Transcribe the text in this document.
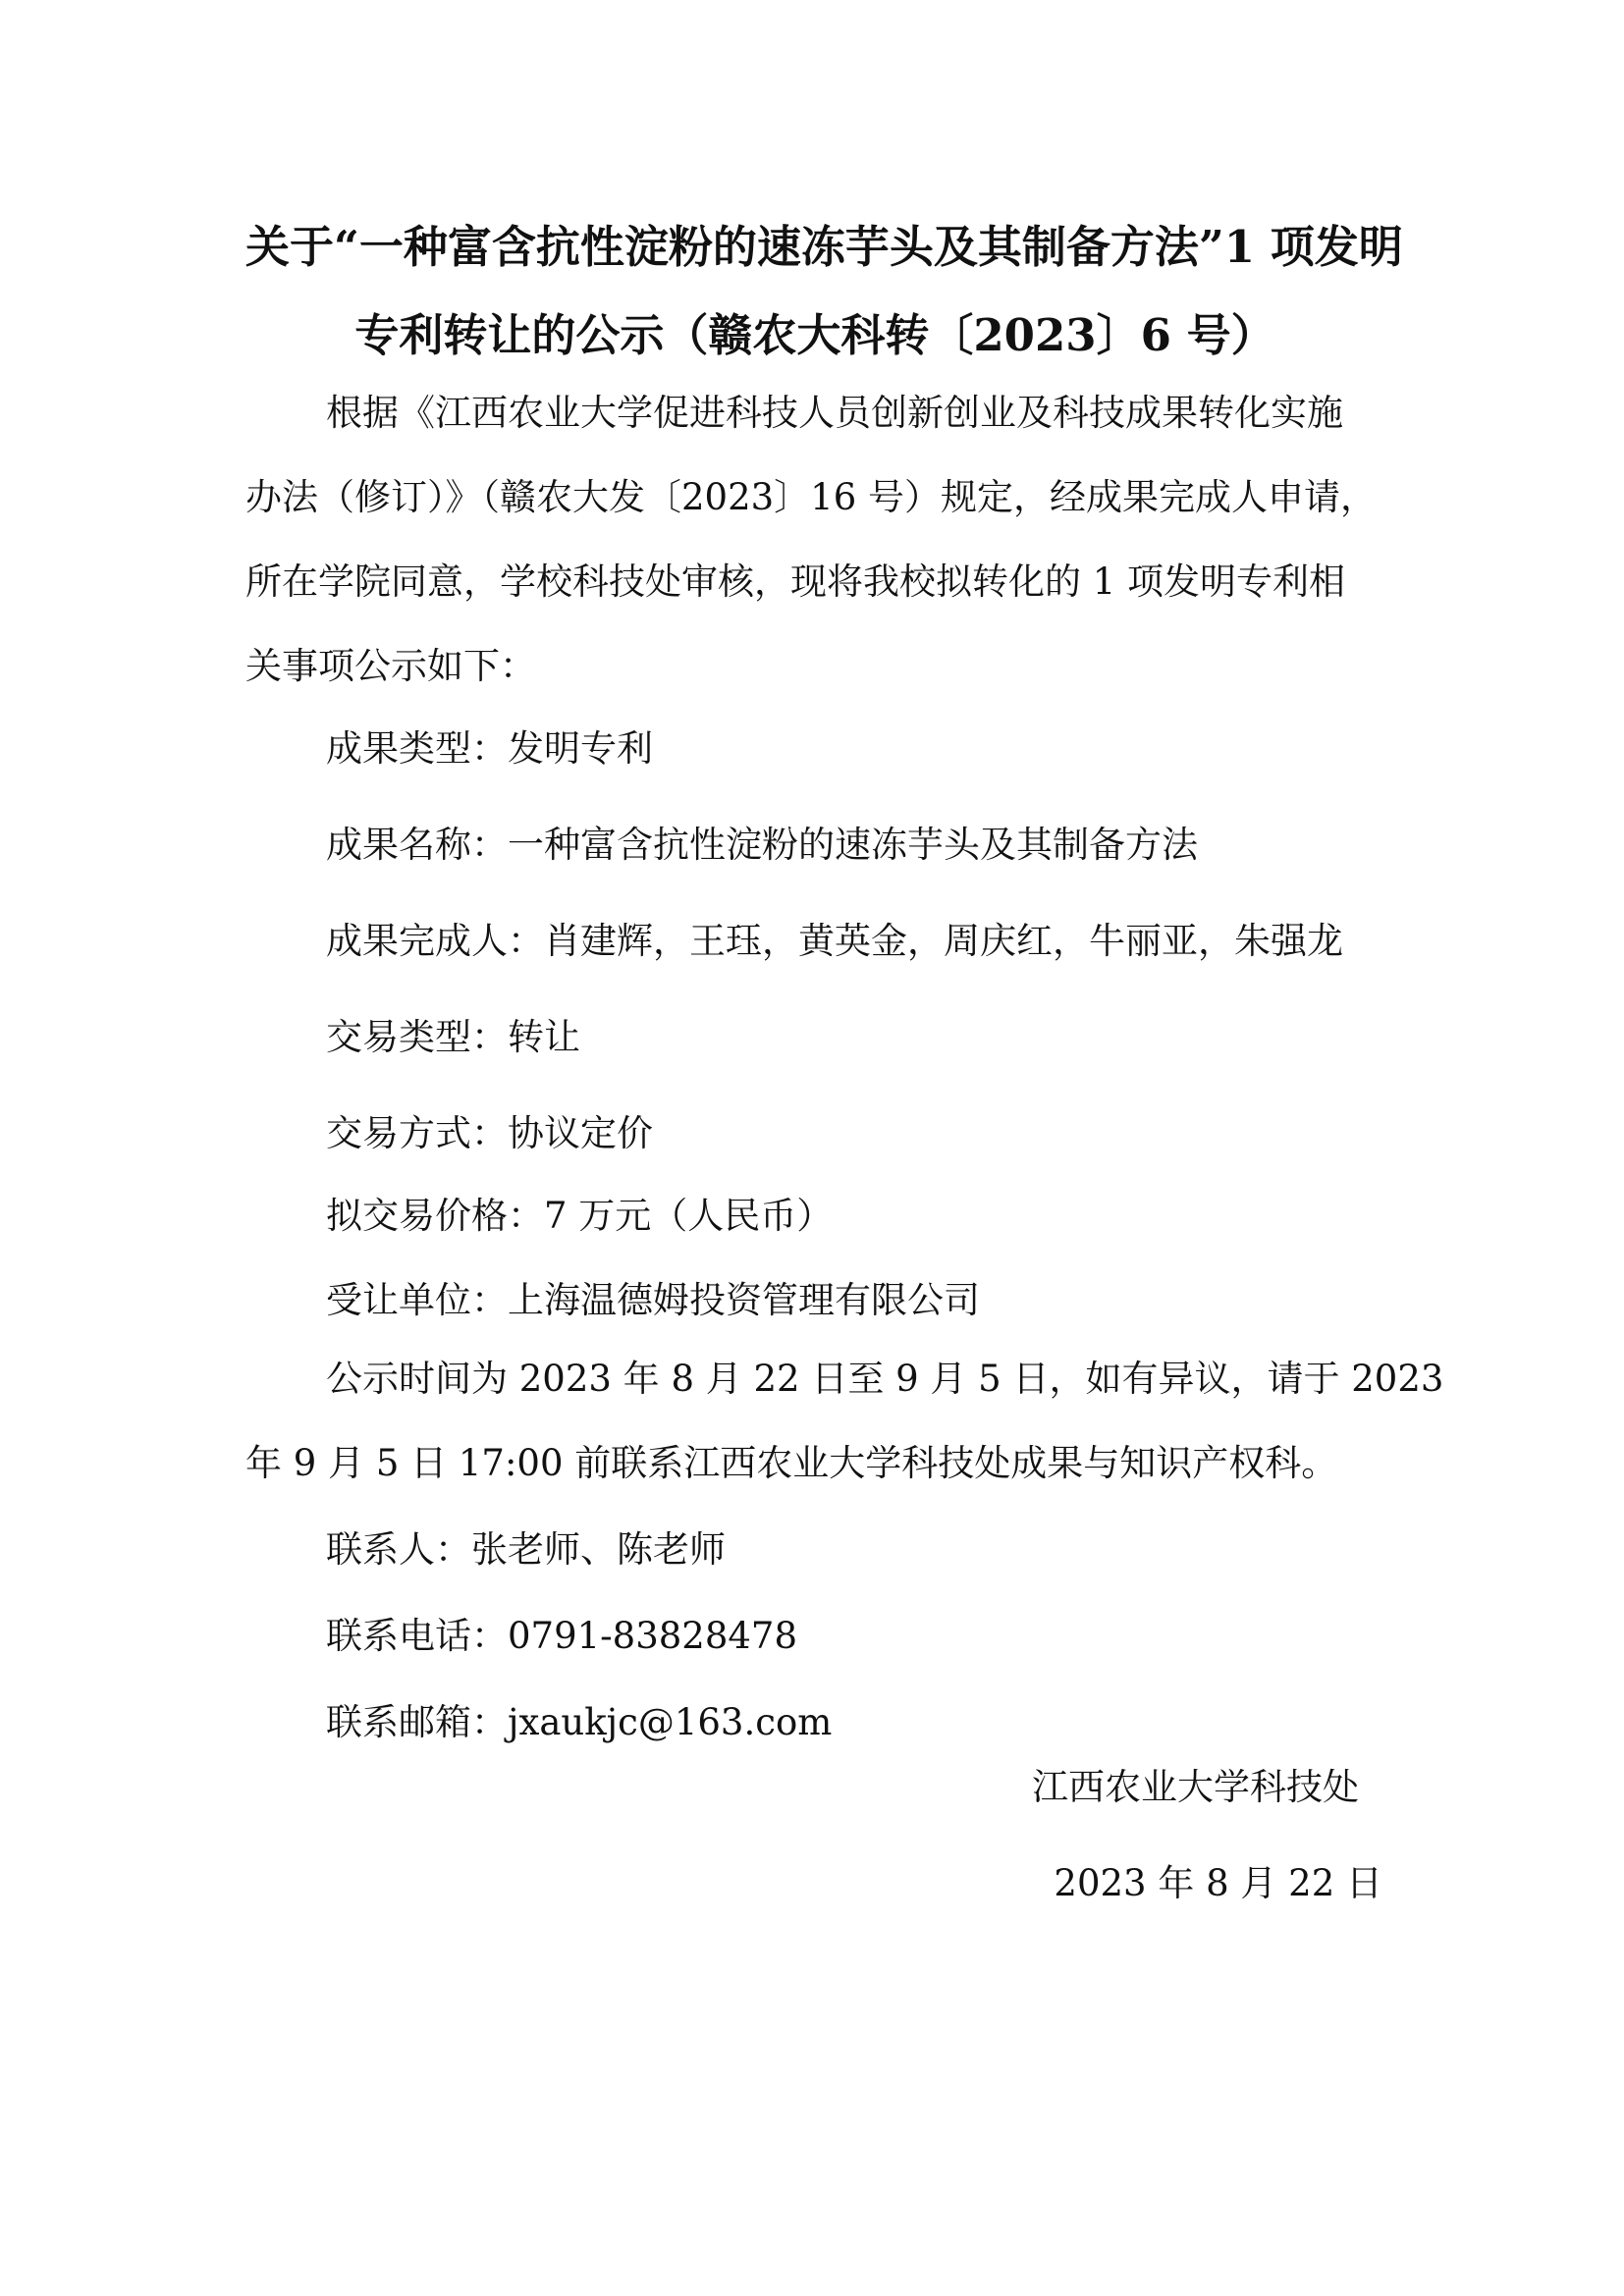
关于“一种富含抗性淀粉的速冻芋头及其制备方法”1 项发明
专利转让的公示（赣农大科转〔2023〕6 号）
根据《江西农业大学促进科技人员创新创业及科技成果转化实施
办法（修订）》（赣农大发〔2023〕16 号）规定，经成果完成人申请，
所在学院同意，学校科技处审核，现将我校拟转化的 1 项发明专利相
关事项公示如下：
成果类型：发明专利
成果名称：一种富含抗性淀粉的速冻芋头及其制备方法
成果完成人：肖建辉，王珏，黄英金，周庆红，牛丽亚，朱强龙
交易类型：转让
交易方式：协议定价
拟交易价格：7 万元（人民币）
受让单位：上海温德姆投资管理有限公司
公示时间为 2023 年 8 月 22 日至 9 月 5 日，如有异议，请于 2023
年 9 月 5 日 17:00 前联系江西农业大学科技处成果与知识产权科。
联系人：张老师、陈老师
联系电话：0791-83828478
联系邮箱：jxaukjc@163.com
江西农业大学科技处
2023 年 8 月 22 日
